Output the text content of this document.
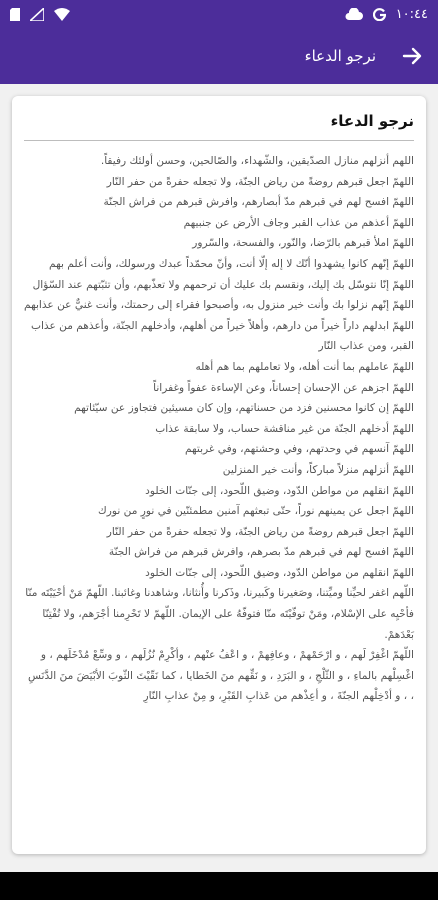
١٠:٤٤
نرجو الدعاء
نرجو الدعاء

اللهم أنزلهم منازل الصدّيقين، والشّهداء، والصّالحين، وحسن أولئك رفيقاً.

اللهمّ اجعل قبرهم روضةً من رياض الجنّة، ولا تجعله حفرةً من حفر النّار

اللهمّ افسح لهم في قبرهم مدّ أبصارهم، وافرش قبرهم من فراش الجنّة

اللهمّ أعذهم من عذاب القبر وجاف الأرض عن جنبيهم

اللهمّ املأ قبرهم بالرّضا، والنّور، والفسحة، والسّرور

اللهمّ إنّهم كانوا يشهدوا أنّك لا إله إلّا أنت، وأنّ محمّداً عبدك ورسولك، وأنت أعلم بهم

اللهمّ إنّا نتوسّل بك إليك، ونقسم بك عليك أن ترحمهم ولا تعذّبهم، وأن تثبّتهم عند السّؤال

اللهمّ إنّهم نزلوا بك وأنت خير منزول به، وأصبحوا فقراء إلى رحمتك، وأنت غنيٌّ عن عذابهم

اللهمّ ابدلهم داراً خيراً من دارهم، وأهلاً خيراً من أهلهم، وأدخلهم الجنّة، وأعذهم من عذاب القبر، ومن عذاب النّار

اللهمّ عاملهم بما أنت أهله، ولا تعاملهم بما هم أهله

اللهمّ اجزهم عن الإحسان إحساناً، وعن الإساءة عفواً وغفراناً

اللهمّ إن كانوا محسنين فزد من حسناتهم، وإن كان مسيئين فتجاوز عن سيّئاتهم

اللهمّ أدخلهم الجنّة من غير مناقشة حساب، ولا سابقة عذاب

اللهمّ آنسهم في وحدتهم، وفي وحشتهم، وفي غربتهم

اللهمّ أنزلهم منزلاً مباركاً، وأنت خير المنزلين

اللهمّ انقلهم من مواطن الدّود، وضيق اللّحود، إلى جنّات الخلود

اللهمّ اجعل عن يمينهم نوراً، حتّى تبعثهم آمنين مطمئنّين في نورٍ من نورك

اللهمّ اجعل قبرهم روضةً من رياض الجنّة، ولا تجعله حفرةً من حفر النّار

اللهمّ افسح لهم في قبرهم مدّ بصرهم، وافرش قبرهم من فراش الجنّة

اللهمّ انقلهم من مواطن الدّود، وضيق اللّحود، إلى جنّات الخلود

اللّهم اغفر لحيِّنا وميِّتنا، وصَغيرنا وكَبيرنا، وذَكرنا وأُنثانا، وشاهدنا وغائبنا. اللّهمّ مَنْ أحْيَيْتَه منّا فأحْيِه على الإسْلام، ومَنْ توفّيْتَه منّا فتوفّهُ على الإيمان. اللّهمّ لا تَحْرِمنا أجْرَهم، ولا تُفْتِنّا بَعْدَهمْ.

اللّهمّ اغْفِرْ لَهم ، و ارْحَمْهمْ ، وعافِهمْ ، و اعْفُ عنْهم ، وأكْرِمْ نُزُلَهم ، و وسِّعْ مُدْخَلَهم ، و اغْسِلْهم بالماءِ ، و الثّلْجِ ، و البَرَدِ ، و نَقِّهم منَ الخَطايا ، كما نَقّيْتَ الثّوبَ الأبْيَضَ منَ الدَّنَسِ ، ، و أدْخِلْهم الجنّةَ ، و أعِذْهم من عَذابِ القَبْرِ، و مِنْ عذابِ النّارِ
